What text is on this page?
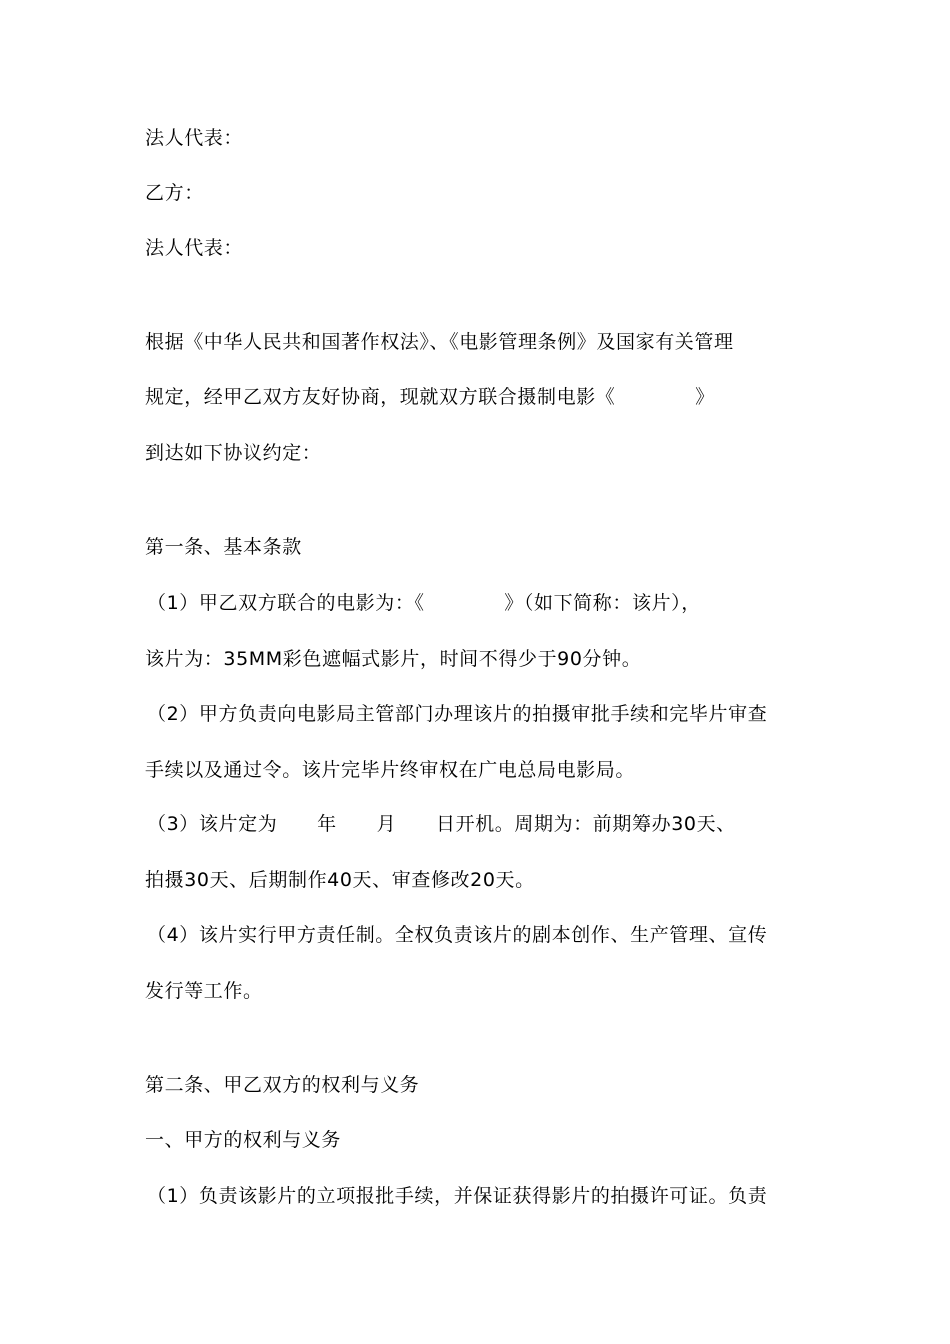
法人代表：
乙方：
法人代表：
根据《中华人民共和国著作权法》、《电影管理条例》及国家有关管理
规定，经甲乙双方友好协商，现就双方联合摄制电影《            》
到达如下协议约定：
第一条、基本条款
（1）甲乙双方联合的电影为：《            》（如下简称：该片），
该片为：35MM彩色遮幅式影片，时间不得少于90分钟。
（2）甲方负责向电影局主管部门办理该片的拍摄审批手续和完毕片审查
手续以及通过令。该片完毕片终审权在广电总局电影局。
（3）该片定为      年      月      日开机。周期为：前期筹办30天、
拍摄30天、后期制作40天、审查修改20天。
（4）该片实行甲方责任制。全权负责该片的剧本创作、生产管理、宣传
发行等工作。
第二条、甲乙双方的权利与义务
一、甲方的权利与义务
（1）负责该影片的立项报批手续，并保证获得影片的拍摄许可证。负责
